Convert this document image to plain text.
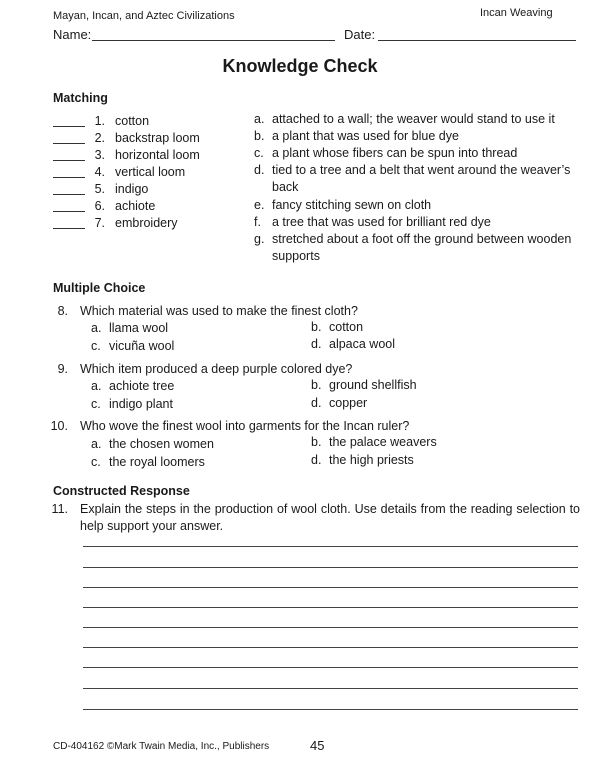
Mayan, Incan, and Aztec Civilizations	Incan Weaving
Name:	Date:
Knowledge Check
Matching
1. cotton
2. backstrap loom
3. horizontal loom
4. vertical loom
5. indigo
6. achiote
7. embroidery
a. attached to a wall; the weaver would stand to use it
b. a plant that was used for blue dye
c. a plant whose fibers can be spun into thread
d. tied to a tree and a belt that went around the weaver’s back
e. fancy stitching sewn on cloth
f. a tree that was used for brilliant red dye
g. stretched about a foot off the ground between wooden supports
Multiple Choice
8. Which material was used to make the finest cloth?
a. llama wool	b. cotton
c. vicuña wool	d. alpaca wool
9. Which item produced a deep purple colored dye?
a. achiote tree	b. ground shellfish
c. indigo plant	d. copper
10. Who wove the finest wool into garments for the Incan ruler?
a. the chosen women	b. the palace weavers
c. the royal loomers	d. the high priests
Constructed Response
11. Explain the steps in the production of wool cloth. Use details from the reading selection to help support your answer.
CD-404162 ©Mark Twain Media, Inc., Publishers	45
